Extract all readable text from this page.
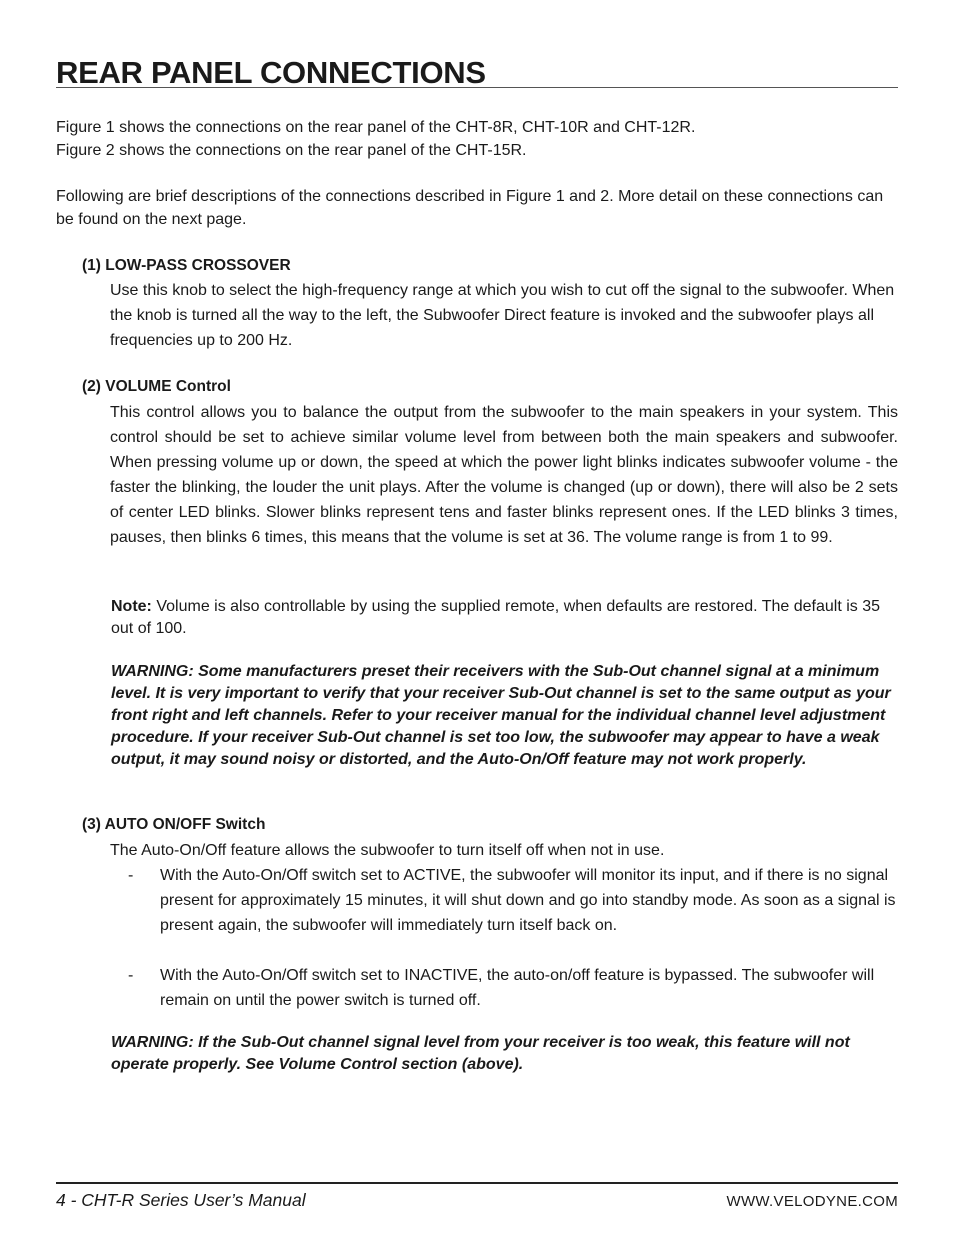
REAR PANEL CONNECTIONS

Figure 1 shows the connections on the rear panel of the CHT-8R, CHT-10R and CHT-12R.

Figure 2 shows the connections on the rear panel of the CHT-15R.

Following are brief descriptions of the connections described in Figure 1 and 2. More detail on these connections can be found on the next page.

(1) LOW-PASS CROSSOVER
Use this knob to select the high-frequency range at which you wish to cut off the signal to the subwoofer. When the knob is turned all the way to the left, the Subwoofer Direct feature is invoked and the subwoofer plays all frequencies up to 200 Hz.
(2) VOLUME Control
This control allows you to balance the output from the subwoofer to the main speakers in your system. This control should be set to achieve similar volume level from between both the main speakers and subwoofer. When pressing volume up or down, the speed at which the power light blinks indicates subwoofer volume - the faster the blinking, the louder the unit plays. After the volume is changed (up or down), there will also be 2 sets of center LED blinks. Slower blinks represent tens and faster blinks represent ones. If the LED blinks 3 times, pauses, then blinks 6 times, this means that the volume is set at 36. The volume range is from 1 to 99.
Note: Volume is also controllable by using the supplied remote, when defaults are restored. The default is 35 out of 100.
WARNING: Some manufacturers preset their receivers with the Sub-Out channel signal at a minimum level. It is very important to verify that your receiver Sub-Out channel is set to the same output as your front right and left channels. Refer to your receiver manual for the individual channel level adjustment procedure. If your receiver Sub-Out channel is set too low, the subwoofer may appear to have a weak output, it may sound noisy or distorted, and the Auto-On/Off feature may not work properly.
(3) AUTO ON/OFF Switch
The Auto-On/Off feature allows the subwoofer to turn itself off when not in use.
-	With the Auto-On/Off switch set to ACTIVE, the subwoofer will monitor its input, and if there is no signal present for approximately 15 minutes, it will shut down and go into standby mode. As soon as a signal is present again, the subwoofer will immediately turn itself back on.
-	With the Auto-On/Off switch set to INACTIVE, the auto-on/off feature is bypassed. The subwoofer will remain on until the power switch is turned off.
WARNING: If the Sub-Out channel signal level from your receiver is too weak, this feature will not operate properly. See Volume Control section (above).
4 - CHT-R Series User’s Manual	WWW.VELODYNE.COM
